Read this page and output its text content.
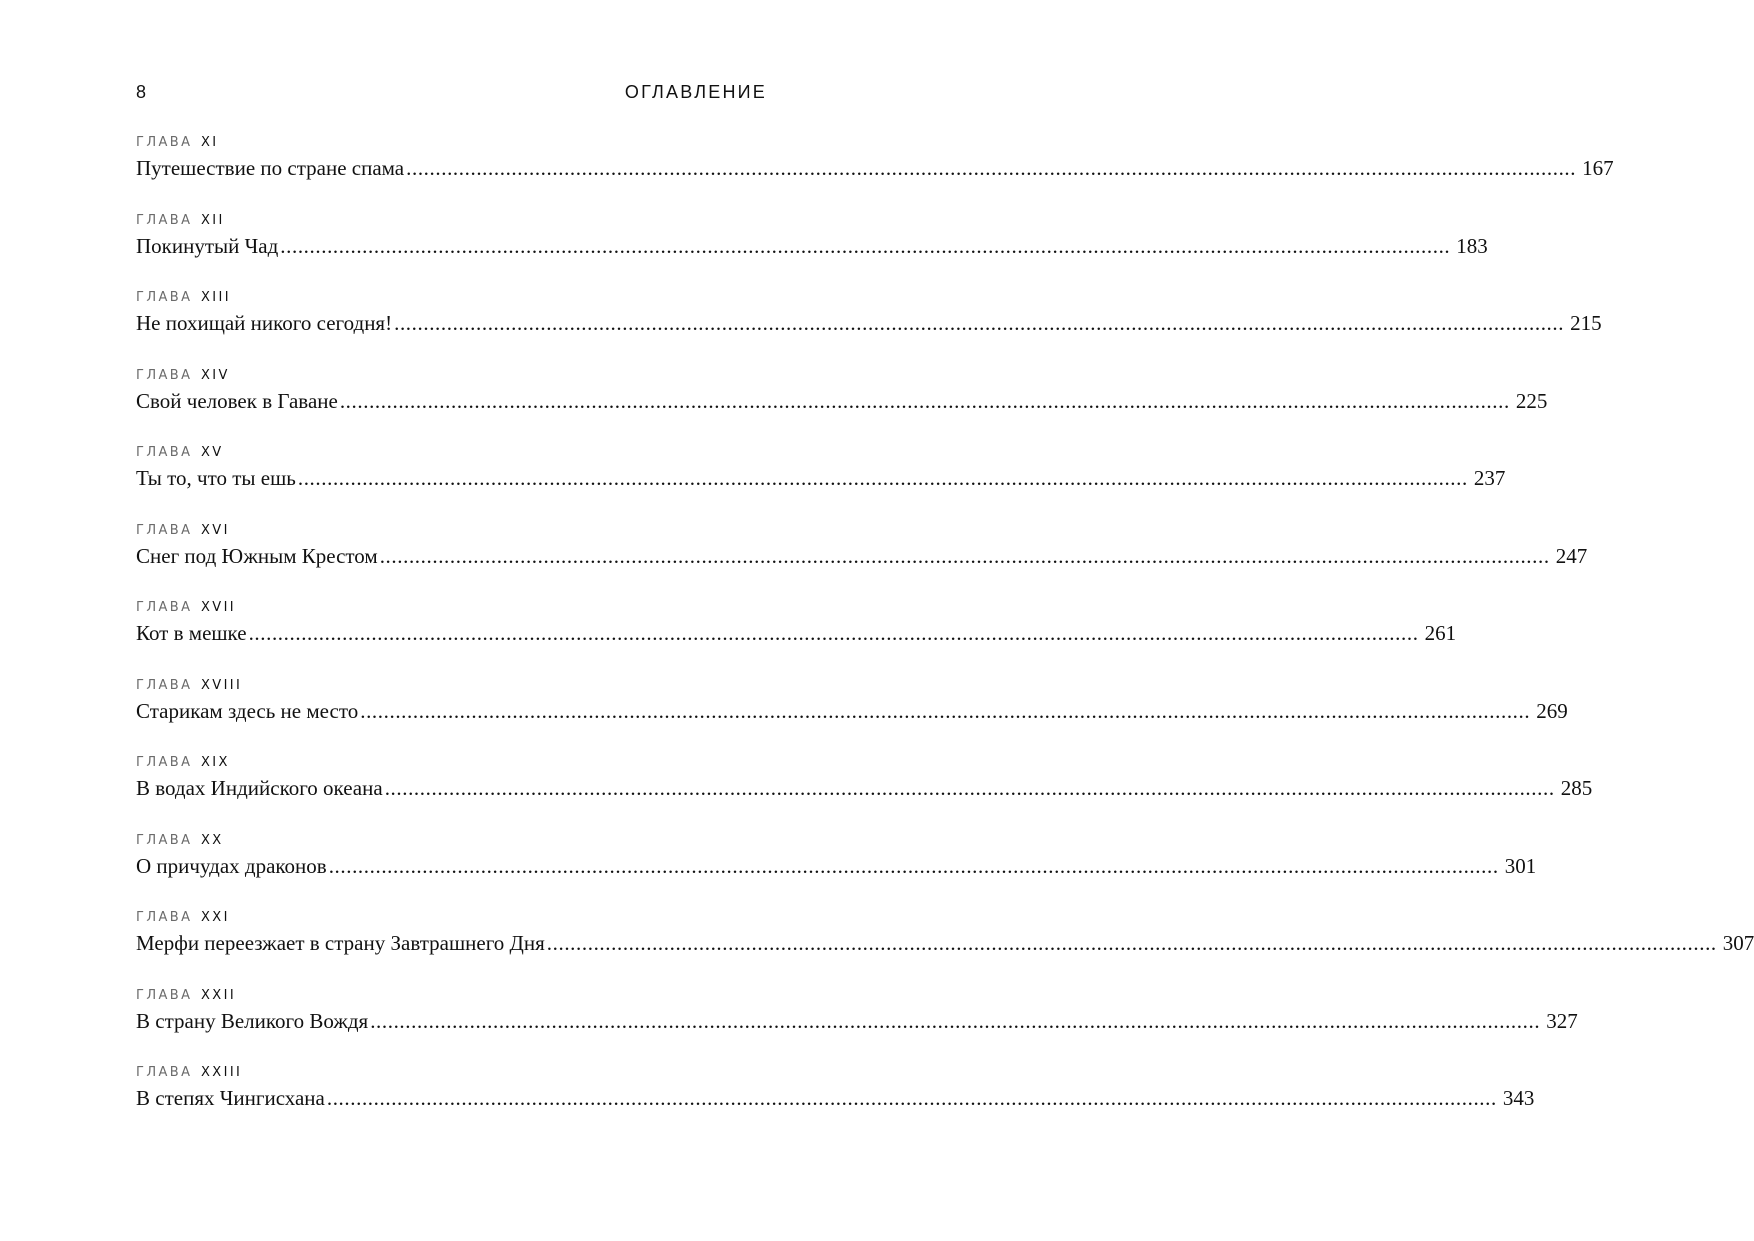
8	ОГЛАВЛЕНИЕ
ГЛАВА XI
Путешествие по стране спама ........................................................................................................................................................................................................ 167
ГЛАВА XII
Покинутый Чад ........................................................................................................................................................................................................ 183
ГЛАВА XIII
Не похищай никого сегодня! ........................................................................................................................................................................................................ 215
ГЛАВА XIV
Свой человек в Гаване ........................................................................................................................................................................................................ 225
ГЛАВА XV
Ты то, что ты ешь ........................................................................................................................................................................................................ 237
ГЛАВА XVI
Снег под Южным Крестом ........................................................................................................................................................................................................ 247
ГЛАВА XVII
Кот в мешке ........................................................................................................................................................................................................ 261
ГЛАВА XVIII
Старикам здесь не место ........................................................................................................................................................................................................ 269
ГЛАВА XIX
В водах Индийского океана ........................................................................................................................................................................................................ 285
ГЛАВА XX
О причудах драконов ........................................................................................................................................................................................................ 301
ГЛАВА XXI
Мерфи переезжает в страну Завтрашнего Дня ........................................................................................................................................................................................................ 307
ГЛАВА XXII
В страну Великого Вождя ........................................................................................................................................................................................................ 327
ГЛАВА XXIII
В степях Чингисхана ........................................................................................................................................................................................................ 343
